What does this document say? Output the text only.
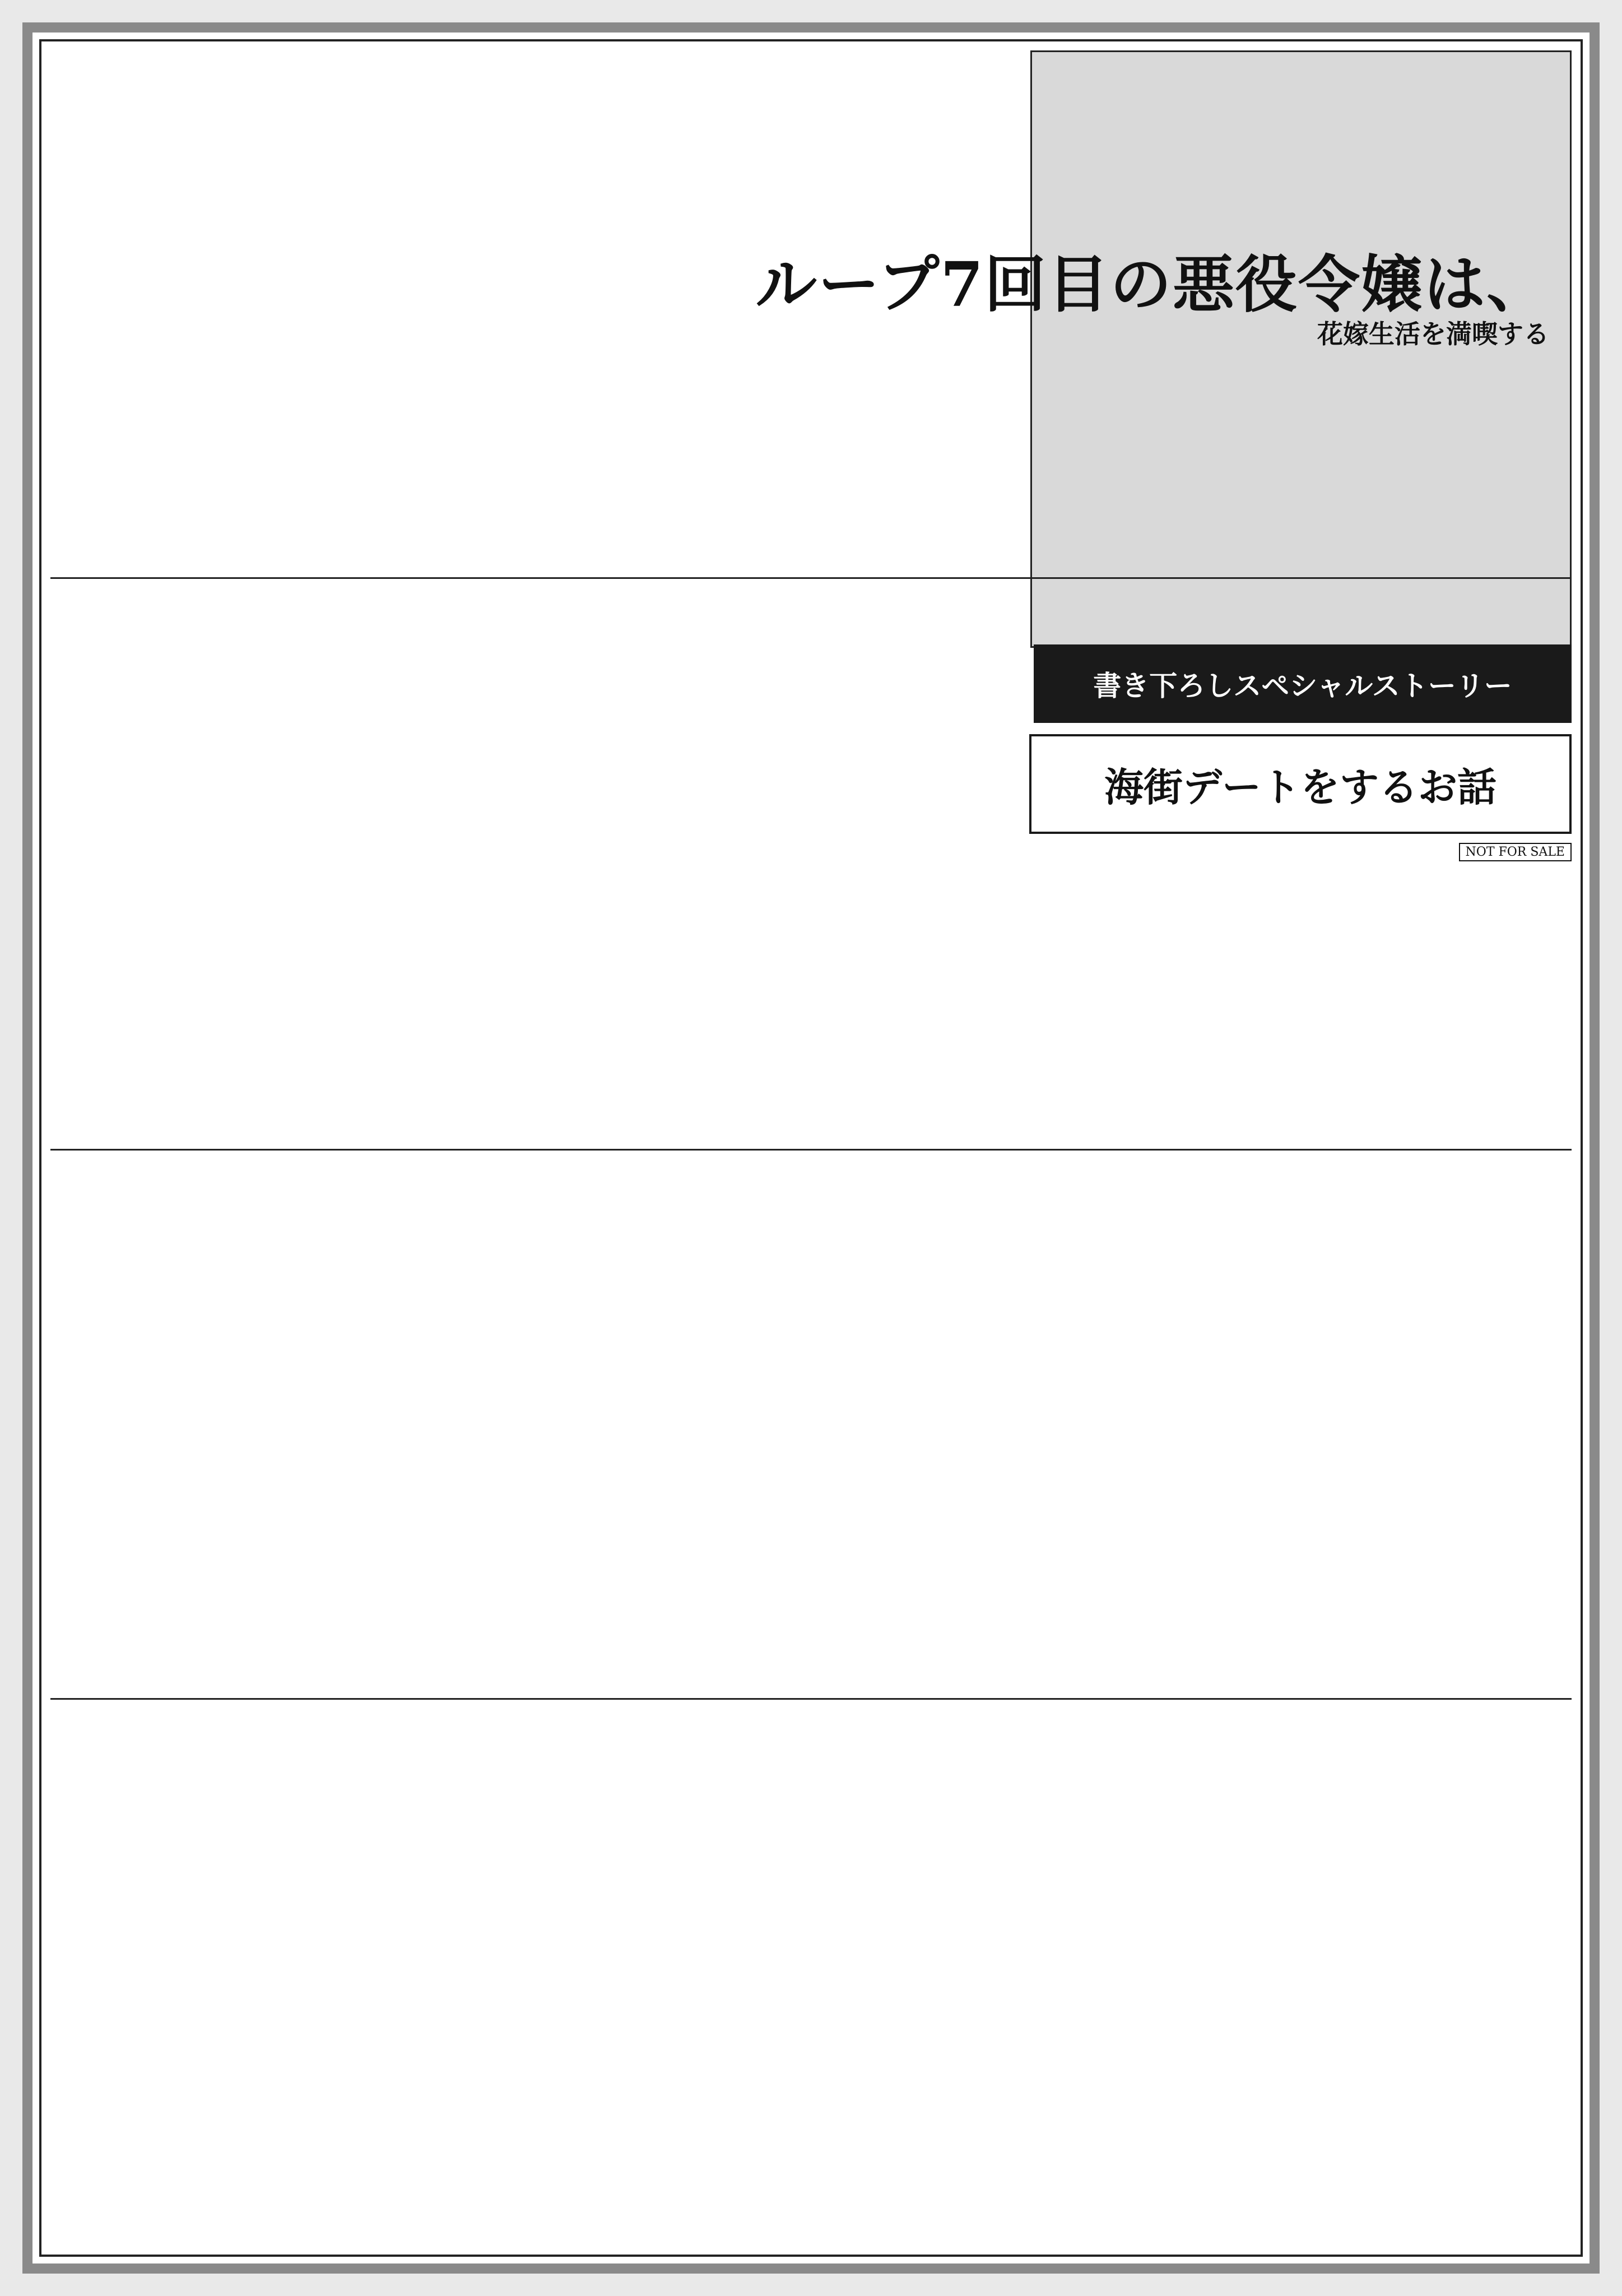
ループ7回目の悪役令嬢は、
花嫁生活を満喫する
書き下ろしスペシャルストーリー
海街デートをするお話
NOT FOR SALE
